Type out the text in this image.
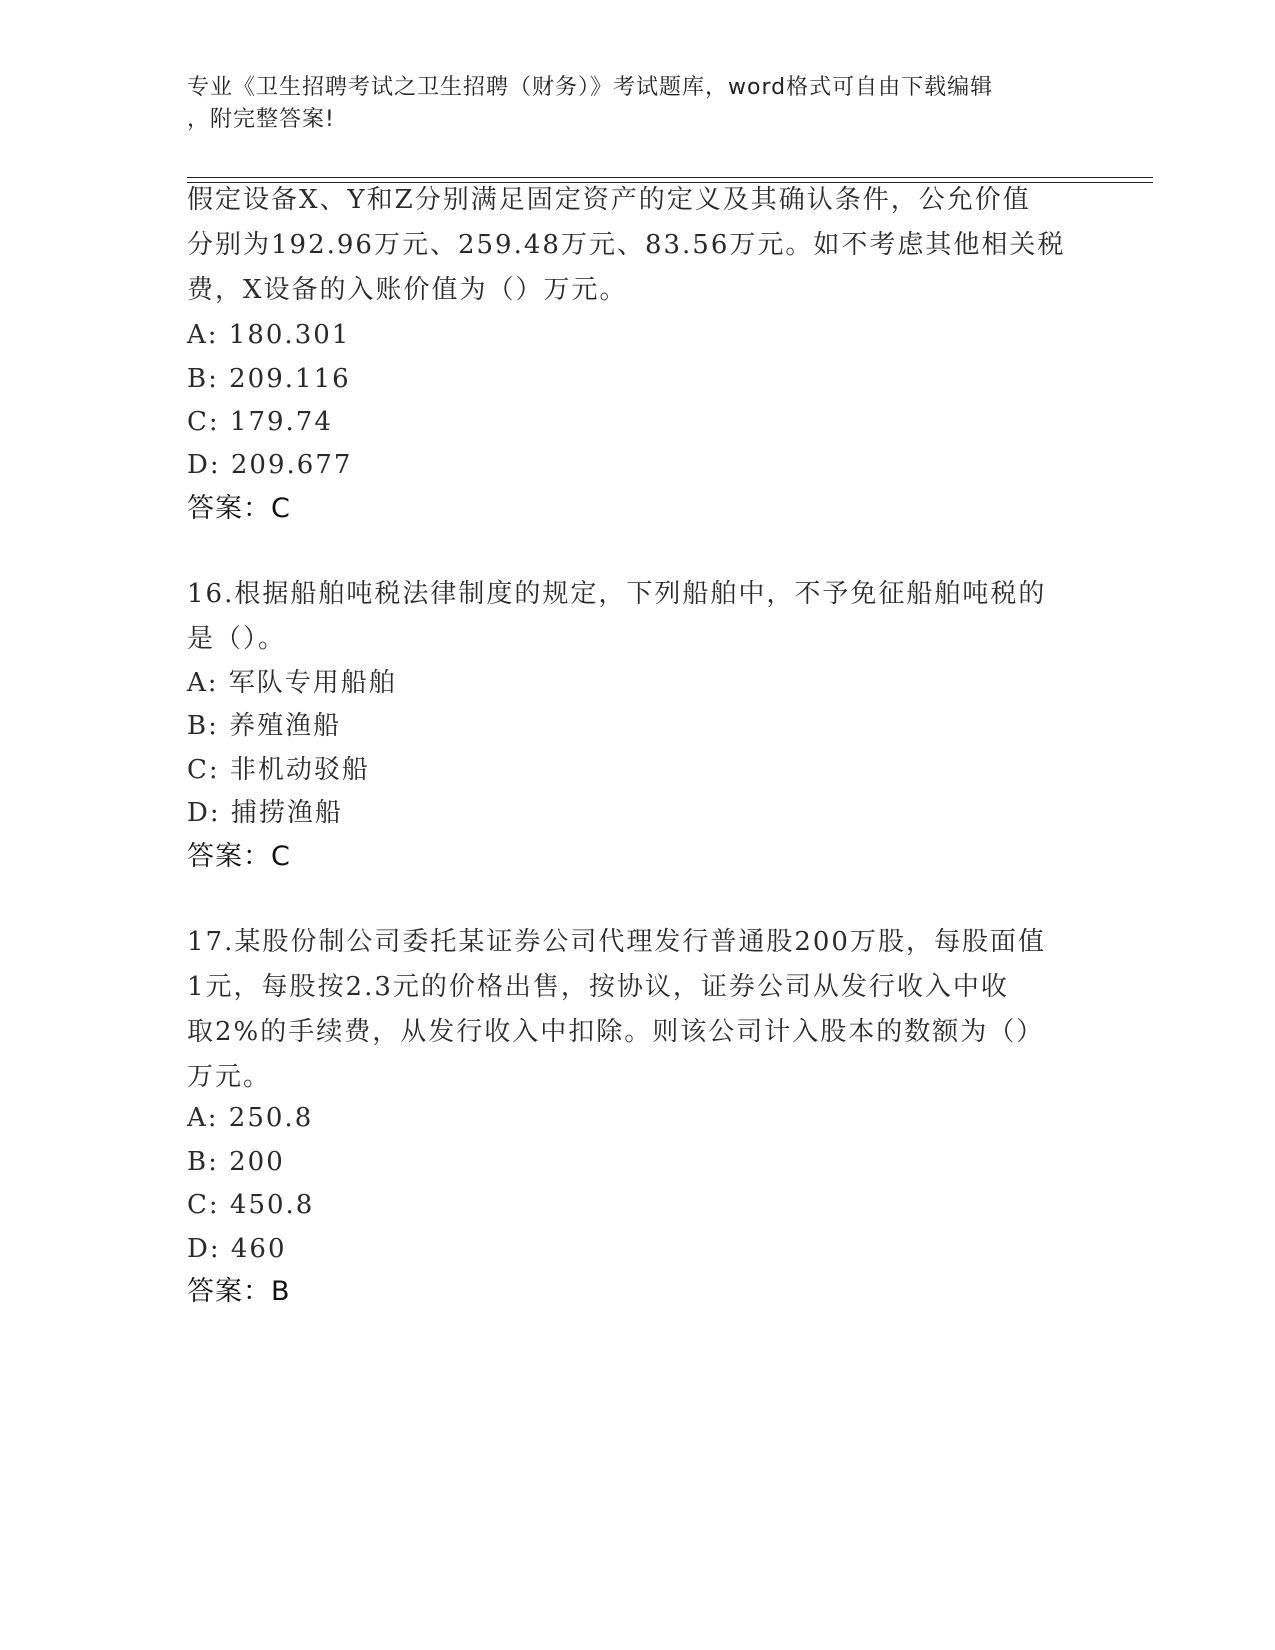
专业《卫生招聘考试之卫生招聘（财务）》考试题库，word格式可自由下载编辑
，附完整答案!
假定设备X、Y和Z分别满足固定资产的定义及其确认条件，公允价值
分别为192.96万元、259.48万元、83.56万元。如不考虑其他相关税
费，X设备的入账价值为（）万元。
A: 180.301
B: 209.116
C: 179.74
D: 209.677
答案：C
16.根据船舶吨税法律制度的规定，下列船舶中，不予免征船舶吨税的
是（）。
A: 军队专用船舶
B: 养殖渔船
C: 非机动驳船
D: 捕捞渔船
答案：C
17.某股份制公司委托某证券公司代理发行普通股200万股，每股面值
1元，每股按2.3元的价格出售，按协议，证券公司从发行收入中收
取2%的手续费，从发行收入中扣除。则该公司计入股本的数额为（）
万元。
A: 250.8
B: 200
C: 450.8
D: 460
答案：B
